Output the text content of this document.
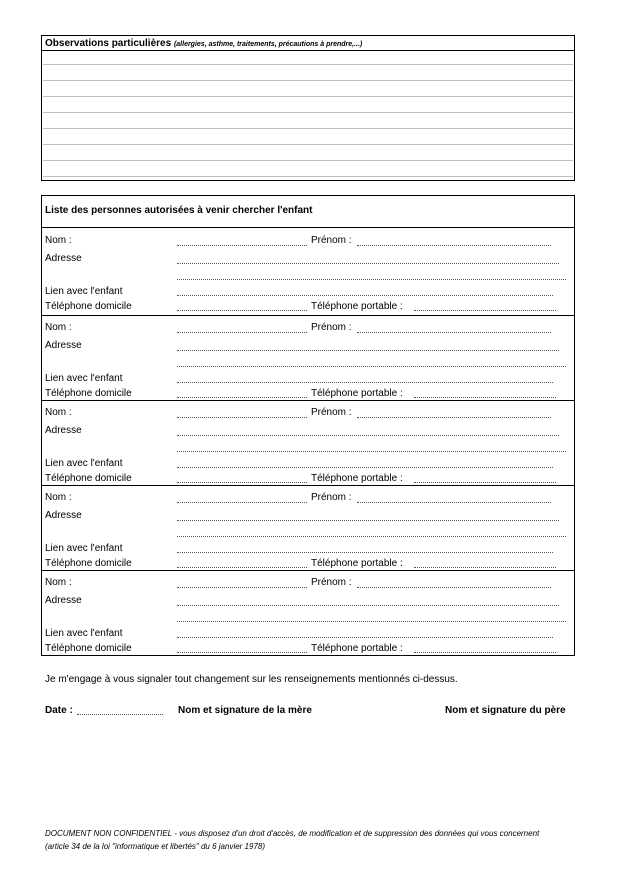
Observations particulières (allergies, asthme, traitements, précautions à prendre,...)
Liste des personnes autorisées à venir chercher l'enfant
Nom :	Prénom :
Adresse
Lien avec l'enfant
Téléphone domicile	Téléphone portable :
Nom :	Prénom :
Adresse
Lien avec l'enfant
Téléphone domicile	Téléphone portable :
Nom :	Prénom :
Adresse
Lien avec l'enfant
Téléphone domicile	Téléphone portable :
Nom :	Prénom :
Adresse
Lien avec l'enfant
Téléphone domicile	Téléphone portable :
Nom :	Prénom :
Adresse
Lien avec l'enfant
Téléphone domicile	Téléphone portable :
Je m'engage à vous signaler tout changement sur les renseignements mentionnés ci-dessus.
Date :	Nom et signature de la mère	Nom et signature du père
DOCUMENT NON CONFIDENTIEL - vous disposez d'un droit d'accès, de modification et de suppression des données qui vous concernent (article 34 de la loi "informatique et libertés" du 6 janvier 1978)
